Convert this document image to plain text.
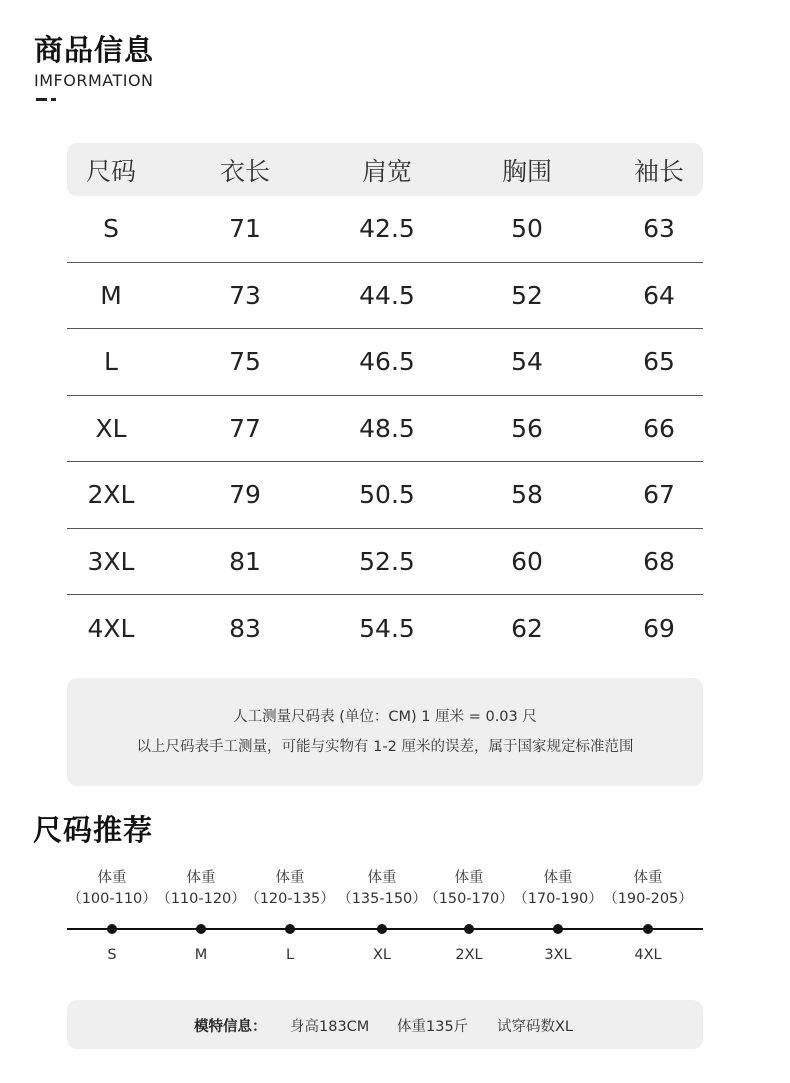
商品信息
IMFORMATION
尺码	衣长	肩宽	胸围	袖长
S	71	42.5	50	63
M	73	44.5	52	64
L	75	46.5	54	65
XL	77	48.5	56	66
2XL	79	50.5	58	67
3XL	81	52.5	60	68
4XL	83	54.5	62	69
人工测量尺码表 (单位：CM) 1 厘米 = 0.03 尺
以上尺码表手工测量，可能与实物有 1-2 厘米的误差，属于国家规定标准范围
尺码推荐
体重
（100-110）
S
体重
（110-120）
M
体重
（120-135）
L
体重
（135-150）
XL
体重
（150-170）
2XL
体重
（170-190）
3XL
体重
（190-205）
4XL
模特信息： 身高183CM 体重135斤 试穿码数XL
